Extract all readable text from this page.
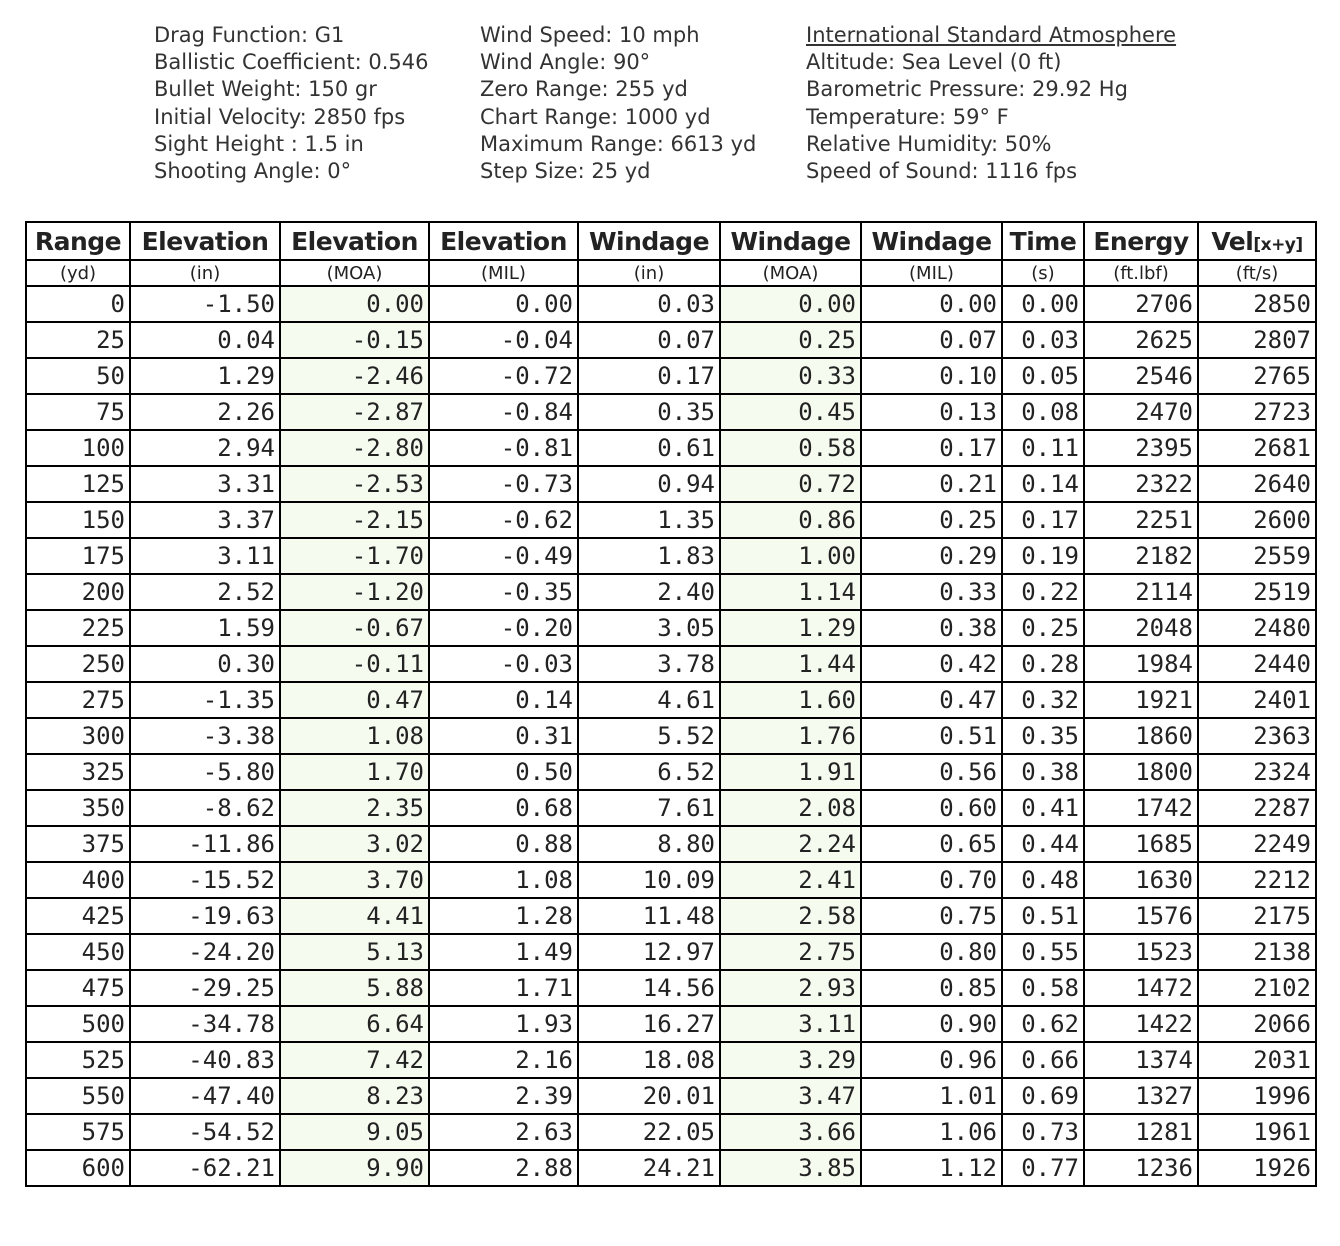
Drag Function: G1
Ballistic Coefficient: 0.546
Bullet Weight: 150 gr
Initial Velocity: 2850 fps
Sight Height : 1.5 in
Shooting Angle: 0°
Wind Speed: 10 mph
Wind Angle: 90°
Zero Range: 255 yd
Chart Range: 1000 yd
Maximum Range: 6613 yd
Step Size: 25 yd
International Standard Atmosphere
Altitude: Sea Level (0 ft)
Barometric Pressure: 29.92 Hg
Temperature: 59° F
Relative Humidity: 50%
Speed of Sound: 1116 fps
Range	Elevation	Elevation	Elevation	Windage	Windage	Windage	Time	Energy	Vel[x+y]
(yd)	(in)	(MOA)	(MIL)	(in)	(MOA)	(MIL)	(s)	(ft.lbf)	(ft/s)
0	-1.50	0.00	0.00	0.03	0.00	0.00	0.00	2706	2850
25	0.04	-0.15	-0.04	0.07	0.25	0.07	0.03	2625	2807
50	1.29	-2.46	-0.72	0.17	0.33	0.10	0.05	2546	2765
75	2.26	-2.87	-0.84	0.35	0.45	0.13	0.08	2470	2723
100	2.94	-2.80	-0.81	0.61	0.58	0.17	0.11	2395	2681
125	3.31	-2.53	-0.73	0.94	0.72	0.21	0.14	2322	2640
150	3.37	-2.15	-0.62	1.35	0.86	0.25	0.17	2251	2600
175	3.11	-1.70	-0.49	1.83	1.00	0.29	0.19	2182	2559
200	2.52	-1.20	-0.35	2.40	1.14	0.33	0.22	2114	2519
225	1.59	-0.67	-0.20	3.05	1.29	0.38	0.25	2048	2480
250	0.30	-0.11	-0.03	3.78	1.44	0.42	0.28	1984	2440
275	-1.35	0.47	0.14	4.61	1.60	0.47	0.32	1921	2401
300	-3.38	1.08	0.31	5.52	1.76	0.51	0.35	1860	2363
325	-5.80	1.70	0.50	6.52	1.91	0.56	0.38	1800	2324
350	-8.62	2.35	0.68	7.61	2.08	0.60	0.41	1742	2287
375	-11.86	3.02	0.88	8.80	2.24	0.65	0.44	1685	2249
400	-15.52	3.70	1.08	10.09	2.41	0.70	0.48	1630	2212
425	-19.63	4.41	1.28	11.48	2.58	0.75	0.51	1576	2175
450	-24.20	5.13	1.49	12.97	2.75	0.80	0.55	1523	2138
475	-29.25	5.88	1.71	14.56	2.93	0.85	0.58	1472	2102
500	-34.78	6.64	1.93	16.27	3.11	0.90	0.62	1422	2066
525	-40.83	7.42	2.16	18.08	3.29	0.96	0.66	1374	2031
550	-47.40	8.23	2.39	20.01	3.47	1.01	0.69	1327	1996
575	-54.52	9.05	2.63	22.05	3.66	1.06	0.73	1281	1961
600	-62.21	9.90	2.88	24.21	3.85	1.12	0.77	1236	1926
